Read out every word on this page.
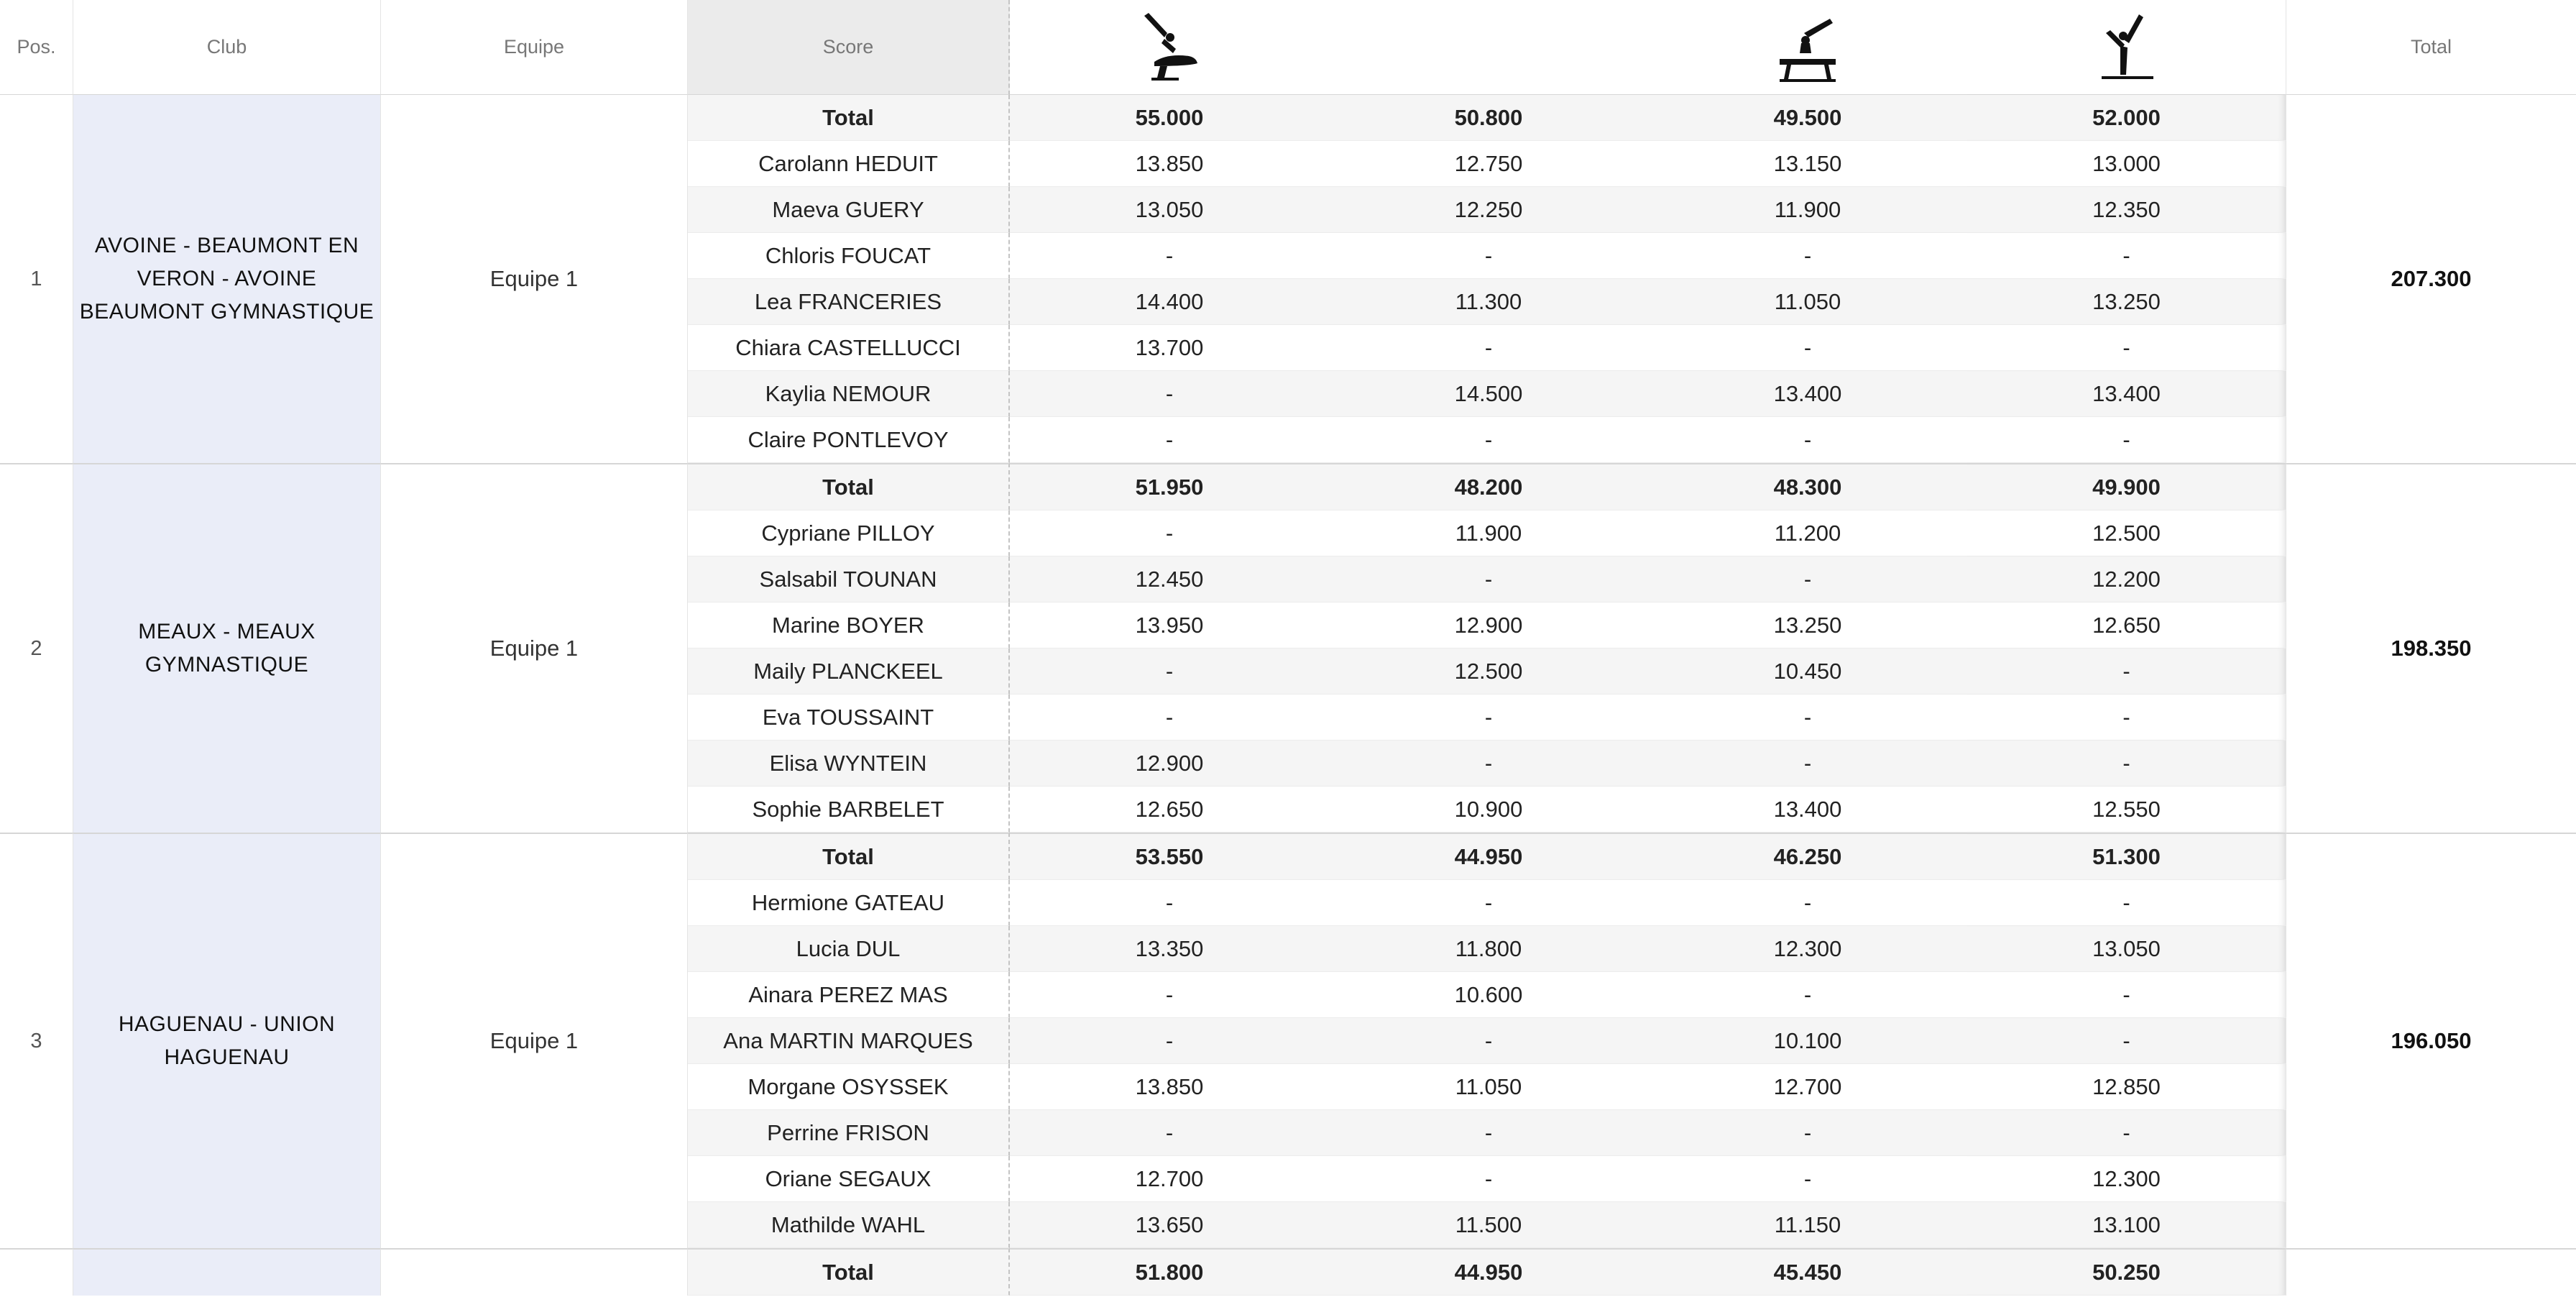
Pos.	Club	Equipe	Score					Total
1	AVOINE - BEAUMONT EN VERON - AVOINE BEAUMONT GYMNASTIQUE	Equipe 1	Total	55.000	50.800	49.500	52.000	207.300
			Carolann HEDUIT	13.850	12.750	13.150	13.000	
			Maeva GUERY	13.050	12.250	11.900	12.350	
			Chloris FOUCAT	-	-	-	-	
			Lea FRANCERIES	14.400	11.300	11.050	13.250	
			Chiara CASTELLUCCI	13.700	-	-	-	
			Kaylia NEMOUR	-	14.500	13.400	13.400	
			Claire PONTLEVOY	-	-	-	-	
2	MEAUX - MEAUX GYMNASTIQUE	Equipe 1	Total	51.950	48.200	48.300	49.900	198.350
			Cypriane PILLOY	-	11.900	11.200	12.500	
			Salsabil TOUNAN	12.450	-	-	12.200	
			Marine BOYER	13.950	12.900	13.250	12.650	
			Maily PLANCKEEL	-	12.500	10.450	-	
			Eva TOUSSAINT	-	-	-	-	
			Elisa WYNTEIN	12.900	-	-	-	
			Sophie BARBELET	12.650	10.900	13.400	12.550	
3	HAGUENAU - UNION HAGUENAU	Equipe 1	Total	53.550	44.950	46.250	51.300	196.050
			Hermione GATEAU	-	-	-	-	
			Lucia DUL	13.350	11.800	12.300	13.050	
			Ainara PEREZ MAS	-	10.600	-	-	
			Ana MARTIN MARQUES	-	-	10.100	-	
			Morgane OSYSSEK	13.850	11.050	12.700	12.850	
			Perrine FRISON	-	-	-	-	
			Oriane SEGAUX	12.700	-	-	12.300	
			Mathilde WAHL	13.650	11.500	11.150	13.100	
			Total	51.800	44.950	45.450	50.250	
